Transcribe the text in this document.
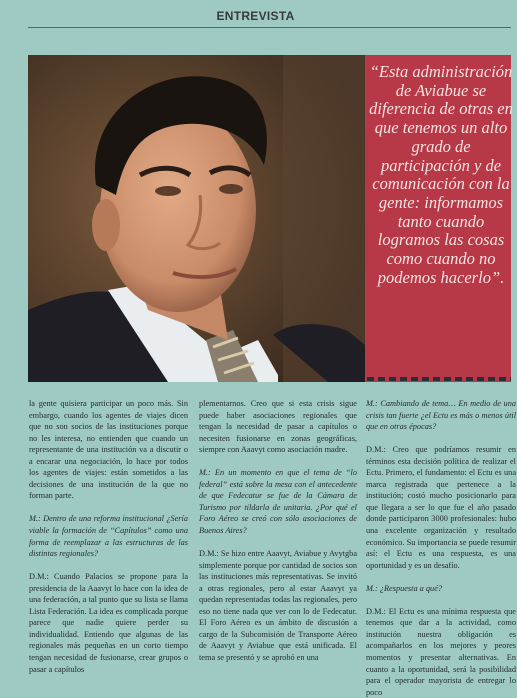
ENTREVISTA
“Esta administración de Aviabue se diferencia de otras en que tenemos un alto grado de participación y de comunicación con la gente: informamos tanto cuando logramos las cosas como cuando no podemos hacerlo”.

la gente quisiera participar un poco más. Sin embargo, cuando los agentes de viajes dicen que no son socios de las instituciones porque no les interesa, no entienden que cuando un representante de una institución va a discutir o a encarar una negociación, lo hace por todos los agentes de viajes: están sometidos a las decisiones de una institución de la que no forman parte.

M.: Dentro de una reforma institucional ¿Sería viable la formación de “Capítulos” como una forma de reemplazar a las estructuras de las distintas regionales?

D.M.: Cuando Palacios se propone para la presidencia de la Aaavyt lo hace con la idea de una federación, a tal punto que su lista se llama Lista Federación. La idea es complicada porque parece que nadie quiere perder su individualidad. Entiendo que algunas de las regionales más pequeñas en un corto tiempo tengan necesidad de fusionarse, crear grupos o pasar a capítulos

plementarnos. Creo que si esta crisis sigue puede haber asociaciones regionales que tengan la necesidad de pasar a capítulos o necesiten fusionarse en zonas geográficas, siempre con Aaavyt como asociación madre.

M.: En un momento en que el tema de “lo federal” está sobre la mesa con el antecedente de que Fedecatur se fue de la Cámara de Turismo por tildarla de unitaria. ¿Por qué el Foro Aéreo se creó con sólo asociaciones de Buenos Aires?

D.M.: Se hizo entre Aaavyt, Aviabue y Avytgba simplemente porque por cantidad de socios son las instituciones más representativas. Se invitó a otras regionales, pero al estar Aaavyt ya quedan representadas todas las regionales, pero eso no tiene nada que ver con lo de Fedecatur. El Foro Aéreo es un ámbito de discusión a cargo de la Subcomisión de Transporte Aéreo de Aaavyt y Aviabue que está unificada. El tema se presentó y se aprobó en una

M.: Cambiando de tema… En medio de una crisis tan fuerte ¿el Ectu es más o menos útil que en otras épocas?

D.M.: Creo que podríamos resumir en términos esta decisión política de realizar el Ectu. Primero, el fundamento: el Ectu es una marca registrada que pertenece a la institución; costó mucho posicionarlo para que llegara a ser lo que fue el año pasado donde participaron 3000 profesionales: hubo una excelente organización y resultado económico. Su importancia se puede resumir así: el Ectu es una respuesta, es una oportunidad y es un desafío.

M.: ¿Respuesta a qué?

D.M.: El Ectu es una mínima respuesta que tenemos que dar a la actividad, como institución nuestra obligación es acompañarlos en los mejores y peores momentos y presentar alternativas. En cuanto a la oportunidad, será la posibilidad para el operador mayorista de entregar lo poco
